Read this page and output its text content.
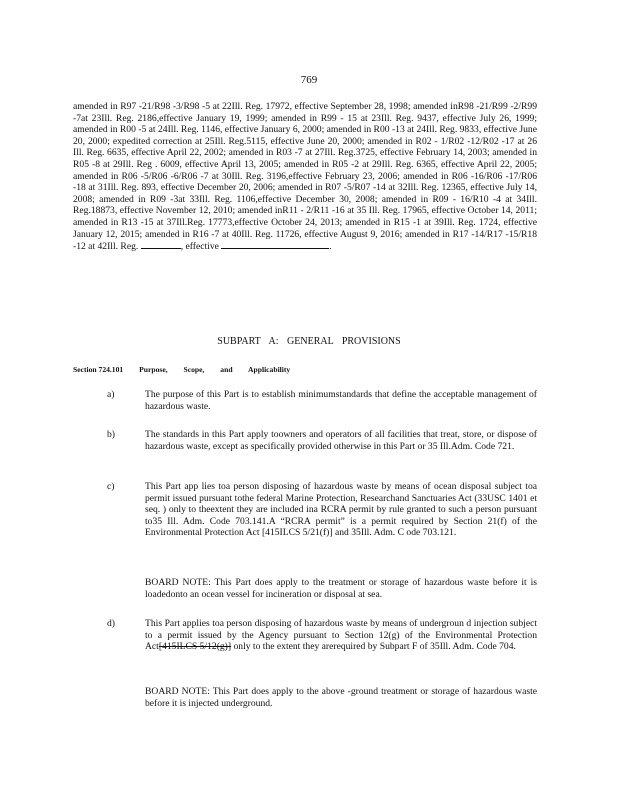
769

amended in R97 -21/R98 -3/R98 -5 at 22Ill. Reg. 17972, effective September 28, 1998; amended inR98 -21/R99 -2/R99 -7at 23Ill. Reg. 2186,effective January 19, 1999; amended in R99 - 15 at 23Ill. Reg. 9437, effective July 26, 1999; amended in R00 -5 at 24Ill. Reg. 1146, effective January 6, 2000; amended in R00 -13 at 24Ill. Reg. 9833, effective June 20, 2000; expedited correction at 25Ill. Reg.5115, effective June 20, 2000; amended in R02 - 1/R02 -12/R02 -17 at 26 Ill. Reg. 6635, effective April 22, 2002; amended in R03 -7 at 27Ill. Reg.3725, effective February 14, 2003; amended in R05 -8 at 29Ill. Reg . 6009, effective April 13, 2005; amended in R05 -2 at 29Ill. Reg. 6365, effective April 22, 2005; amended in R06 -5/R06 -6/R06 -7 at 30Ill. Reg. 3196,effective February 23, 2006; amended in R06 -16/R06 -17/R06 -18 at 31Ill. Reg. 893, effective December 20, 2006; amended in R07 -5/R07 -14 at 32Ill. Reg. 12365, effective July 14, 2008; amended in R09 -3at 33Ill. Reg. 1106,effective December 30, 2008; amended in R09 - 16/R10 -4 at 34Ill. Reg.18873, effective November 12, 2010; amended inR11 - 2/R11 -16 at 35 Ill. Reg. 17965, effective October 14, 2011; amended in R13 -15 at 37Ill.Reg. 17773,effective October 24, 2013; amended in R15 -1 at 39Ill. Reg. 1724, effective January 12, 2015; amended in R16 -7 at 40Ill. Reg. 11726, effective August 9, 2016; amended in R17 -14/R17 -15/R18 -12 at 42Ill. Reg.	, effective	.

SUBPART A: GENERAL PROVISIONS
Section 724.101 Purpose, Scope, and Applicability
a)	The purpose of this Part is to establish minimumstandards that define the acceptable management of hazardous waste.

b)	The standards in this Part apply toowners and operators of all facilities that treat, store, or dispose of hazardous waste, except as specifically provided otherwise in this Part or 35 Ill.Adm. Code 721.

c)	This Part app lies toa person disposing of hazardous waste by means of ocean disposal subject toa permit issued pursuant tothe federal Marine Protection, Researchand Sanctuaries Act (33USC 1401 et seq. ) only to theextent they are included ina RCRA permit by rule granted to such a person pursuant to35 Ill. Adm. Code 703.141.A “RCRA permit” is a permit required by Section 21(f) of the Environmental Protection Act [415ILCS 5/21(f)] and 35Ill. Adm. C ode 703.121.

BOARD NOTE: This Part does apply to the treatment or storage of hazardous waste before it is loadedonto an ocean vessel for incineration or disposal at sea.

d)	This Part applies toa person disposing of hazardous waste by means of undergroun d injection subject to a permit issued by the Agency pursuant to Section 12(g) of the Environmental Protection Act[415ILCS 5/12(g)] only to the extent they arerequired by Subpart F of 35Ill. Adm. Code 704.

BOARD NOTE: This Part does apply to the above -ground treatment or storage of hazardous waste before it is injected underground.
